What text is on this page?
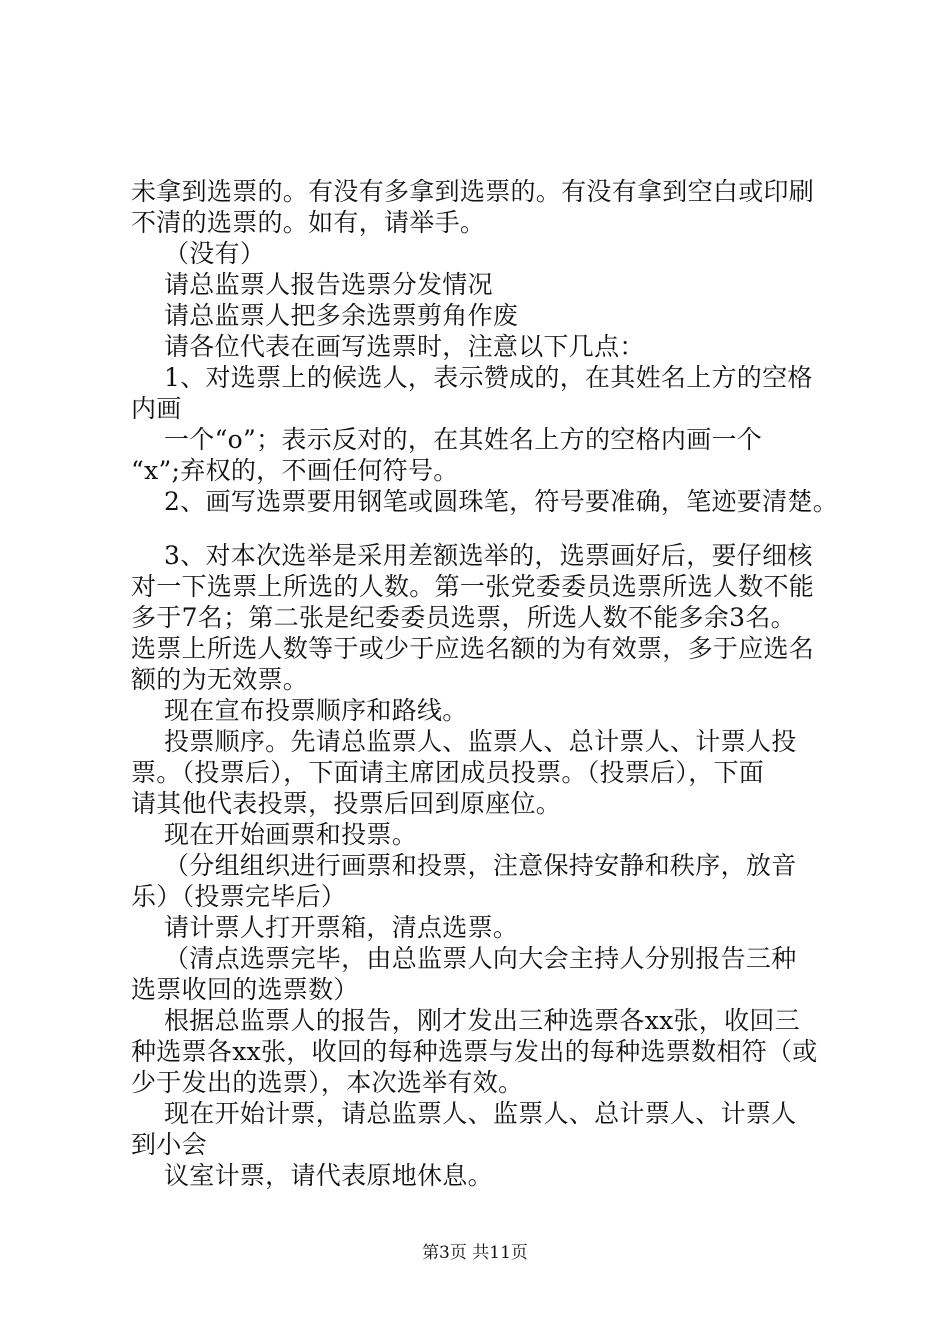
未拿到选票的。有没有多拿到选票的。有没有拿到空白或印刷
不清的选票的。如有，请举手。
（没有）
请总监票人报告选票分发情况
请总监票人把多余选票剪角作废
请各位代表在画写选票时，注意以下几点：
1、对选票上的候选人，表示赞成的，在其姓名上方的空格
内画
一个“o”；表示反对的，在其姓名上方的空格内画一个
“x”;弃权的，不画任何符号。
2、画写选票要用钢笔或圆珠笔，符号要准确，笔迹要清楚。
3、对本次选举是采用差额选举的，选票画好后，要仔细核
对一下选票上所选的人数。第一张党委委员选票所选人数不能
多于7名；第二张是纪委委员选票，所选人数不能多余3名。
选票上所选人数等于或少于应选名额的为有效票，多于应选名
额的为无效票。
现在宣布投票顺序和路线。
投票顺序。先请总监票人、监票人、总计票人、计票人投
票。（投票后），下面请主席团成员投票。（投票后），下面
请其他代表投票，投票后回到原座位。
现在开始画票和投票。
（分组组织进行画票和投票，注意保持安静和秩序，放音
乐）（投票完毕后）
请计票人打开票箱，清点选票。
（清点选票完毕，由总监票人向大会主持人分别报告三种
选票收回的选票数）
根据总监票人的报告，刚才发出三种选票各xx张，收回三
种选票各xx张，收回的每种选票与发出的每种选票数相符（或
少于发出的选票），本次选举有效。
现在开始计票，请总监票人、监票人、总计票人、计票人
到小会
议室计票，请代表原地休息。
第3页 共11页
